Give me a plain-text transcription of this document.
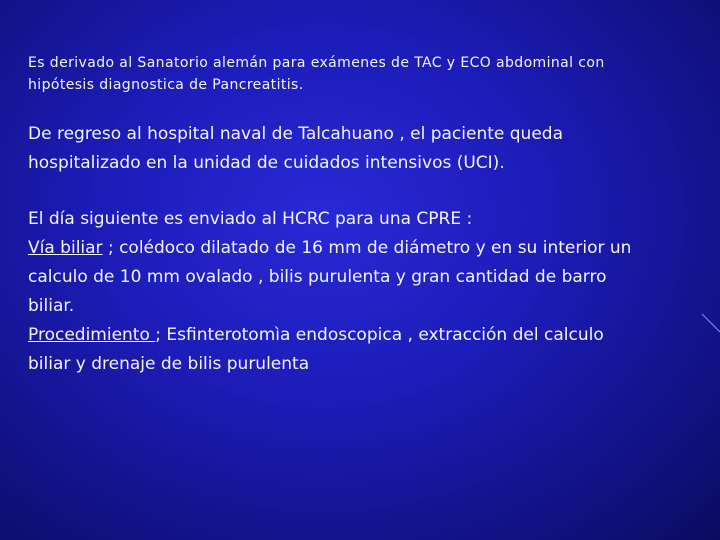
Es derivado al Sanatorio alemán para exámenes de TAC y ECO abdominal con
hipótesis diagnostica de Pancreatitis.

De regreso al hospital naval de Talcahuano , el paciente queda
hospitalizado en la unidad de cuidados intensivos (UCI).

El día siguiente es enviado al HCRC para una CPRE :
Vía biliar ; colédoco dilatado de 16 mm de diámetro y en su interior un
calculo de 10 mm ovalado , bilis purulenta y gran cantidad de barro
biliar.
Procedimiento ; Esfinterotomìa endoscopica , extracción del calculo
biliar y drenaje de bilis purulenta
